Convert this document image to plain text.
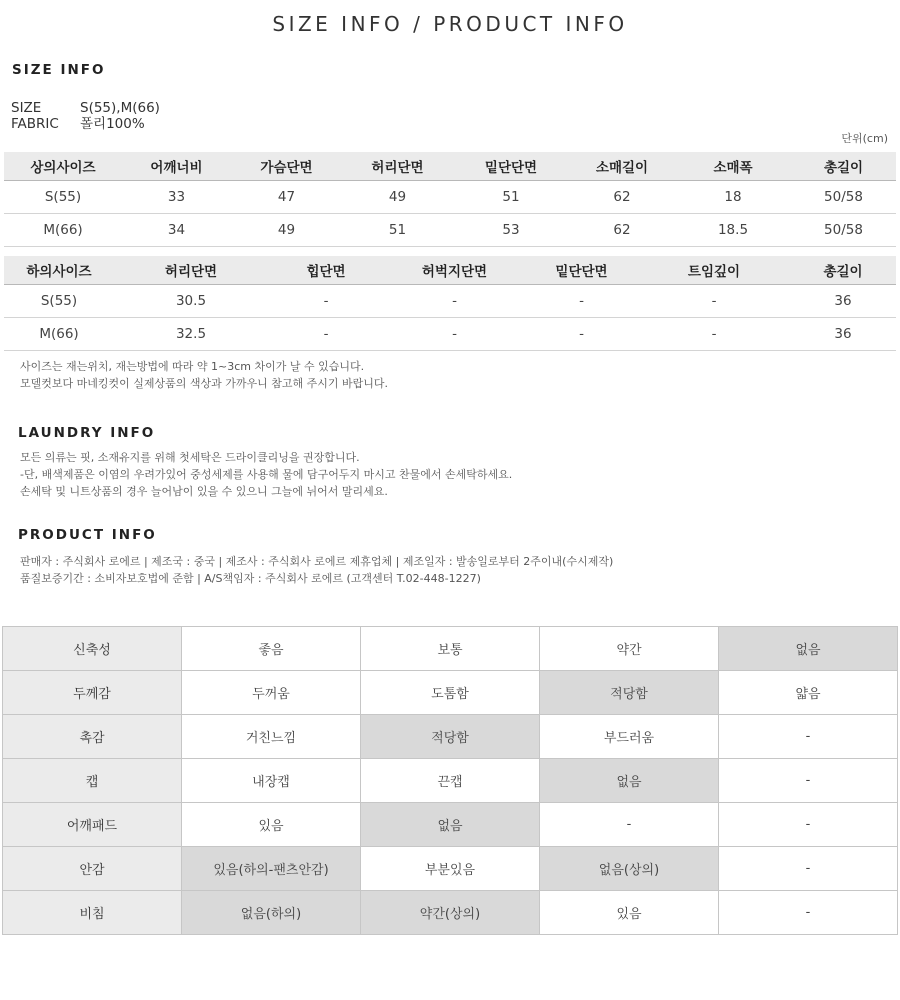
SIZE INFO / PRODUCT INFO
SIZE INFO
SIZE	S(55),M(66)
FABRIC	폴리100%
단위(cm)
상의사이즈	어깨너비	가슴단면	허리단면	밑단단면	소매길이	소매폭	총길이
S(55)	33	47	49	51	62	18	50/58
M(66)	34	49	51	53	62	18.5	50/58
하의사이즈	허리단면	힙단면	허벅지단면	밑단단면	트임깊이	총길이
S(55)	30.5	-	-	-	-	36
M(66)	32.5	-	-	-	-	36
사이즈는 재는위치, 재는방법에 따라 약 1~3cm 차이가 날 수 있습니다.
모델컷보다 마네킹컷이 실제상품의 색상과 가까우니 참고해 주시기 바랍니다.
LAUNDRY INFO
모든 의류는 핏, 소재유지를 위해 첫세탁은 드라이클리닝을 권장합니다.
-단, 배색제품은 이염의 우려가있어 중성세제를 사용해 물에 담구어두지 마시고 찬물에서 손세탁하세요.
손세탁 및 니트상품의 경우 늘어남이 있을 수 있으니 그늘에 뉘어서 말리세요.
PRODUCT INFO
판매자 : 주식회사 로에르 | 제조국 : 중국 | 제조사 : 주식회사 로에르 제휴업체 | 제조일자 : 발송일로부터 2주이내(수시제작)
품질보증기간 : 소비자보호법에 준함 | A/S책임자 : 주식회사 로에르 (고객센터 T.02-448-1227)
신축성	좋음	보통	약간	없음
두께감	두꺼움	도톰함	적당함	얇음
촉감	거친느낌	적당함	부드러움	-
캡	내장캡	끈캡	없음	-
어깨패드	있음	없음	-	-
안감	있음(하의-팬츠안감)	부분있음	없음(상의)	-
비침	없음(하의)	약간(상의)	있음	-
